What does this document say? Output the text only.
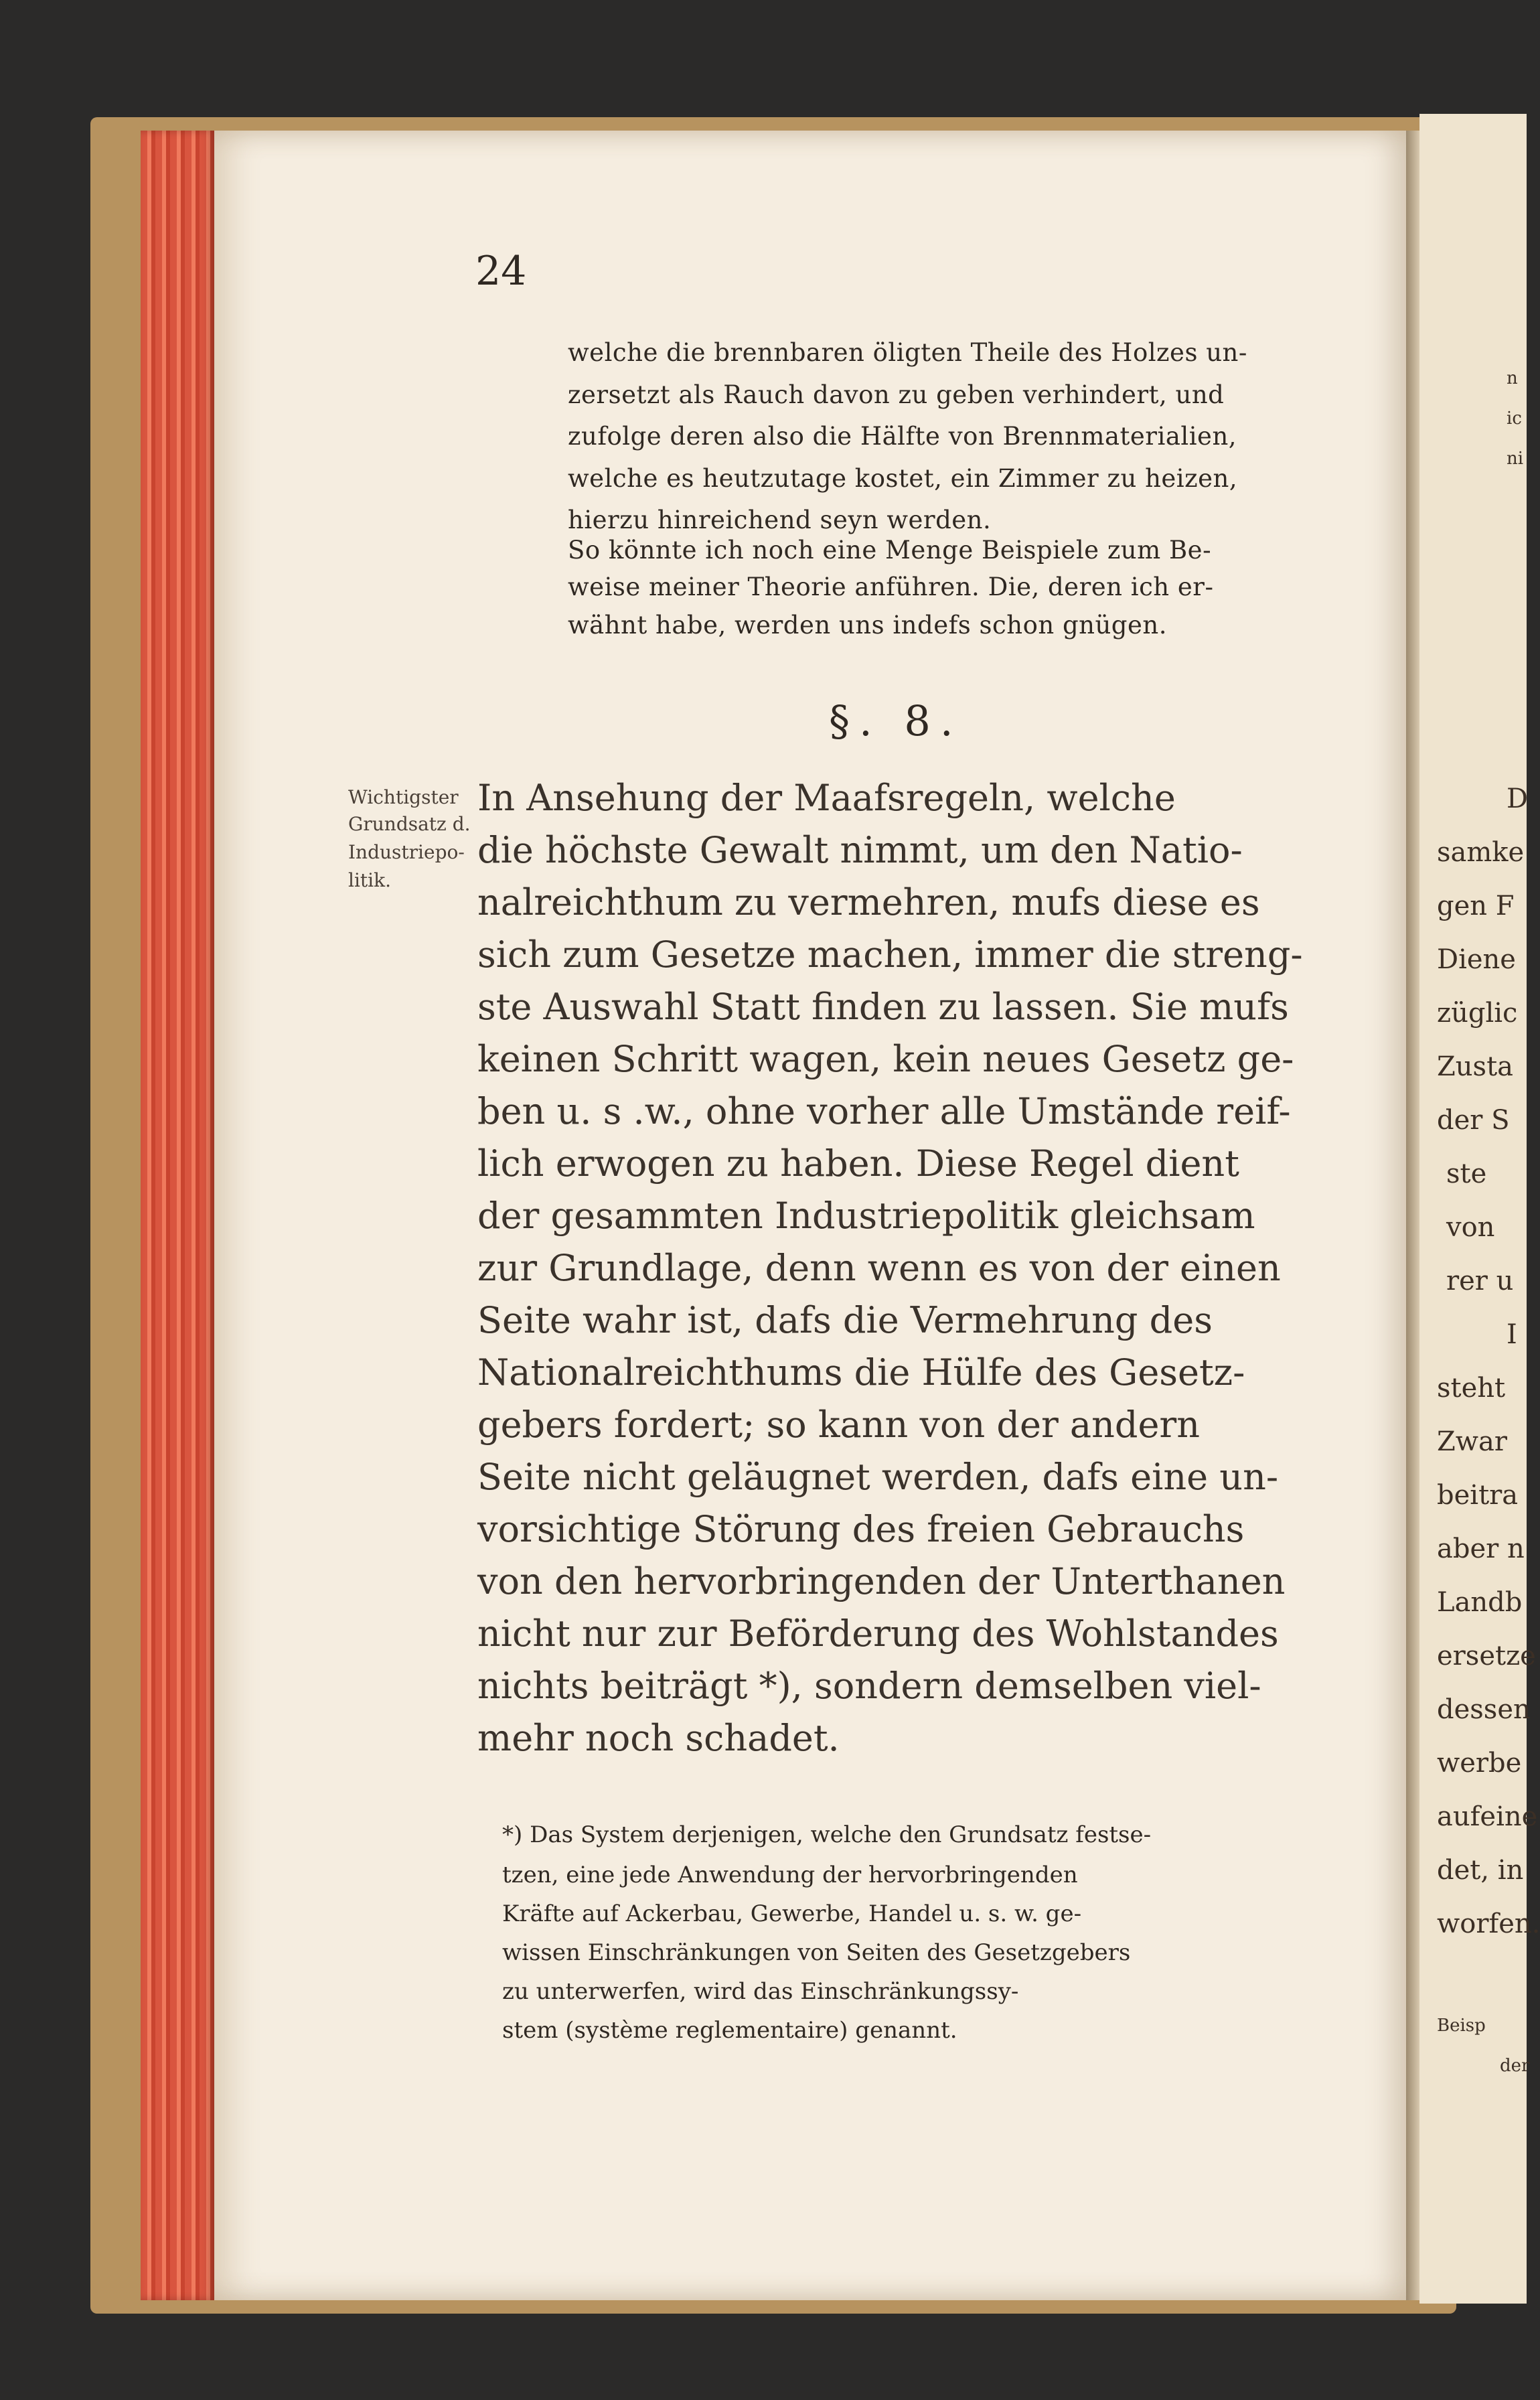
24
welche die brennbaren öligten Theile des Holzes un-
zersetzt als Rauch davon zu geben verhindert, und
zufolge deren also die Hälfte von Brennmaterialien,
welche es heutzutage kostet, ein Zimmer zu heizen,
hierzu hinreichend seyn werden.
So könnte ich noch eine Menge Beispiele zum Be-
weise meiner Theorie anführen. Die, deren ich er-
wähnt habe, werden uns indefs schon gnügen.
§. 8.
Wichtigster
Grundsatz d.
Industriepo-
litik.
In Ansehung der Maafsregeln, welche
die höchste Gewalt nimmt, um den Natio-
nalreichthum zu vermehren, mufs diese es
sich zum Gesetze machen, immer die streng-
ste Auswahl Statt finden zu lassen. Sie mufs
keinen Schritt wagen, kein neues Gesetz ge-
ben u. s .w., ohne vorher alle Umstände reif-
lich erwogen zu haben. Diese Regel dient
der gesammten Industriepolitik gleichsam
zur Grundlage, denn wenn es von der einen
Seite wahr ist, dafs die Vermehrung des
Nationalreichthums die Hülfe des Gesetz-
gebers fordert; so kann von der andern
Seite nicht geläugnet werden, dafs eine un-
vorsichtige Störung des freien Gebrauchs
von den hervorbringenden der Unterthanen
nicht nur zur Beförderung des Wohlstandes
nichts beiträgt *), sondern demselben viel-
mehr noch schadet.
*) Das System derjenigen, welche den Grundsatz festse-
tzen, eine jede Anwendung der hervorbringenden
Kräfte auf Ackerbau, Gewerbe, Handel u. s. w. ge-
wissen Einschränkungen von Seiten des Gesetzgebers
zu unterwerfen, wird das Einschränkungssy-
stem (système reglementaire) genannt.
n
ic
ni
D
samke
gen F
Diene
züglic
Zusta
der S
ste
von
rer u
I
steht
Zwar
beitra
aber n
Landb
ersetze
dessen
werbe
aufeine
det, in
worfen.
Beisp
der
